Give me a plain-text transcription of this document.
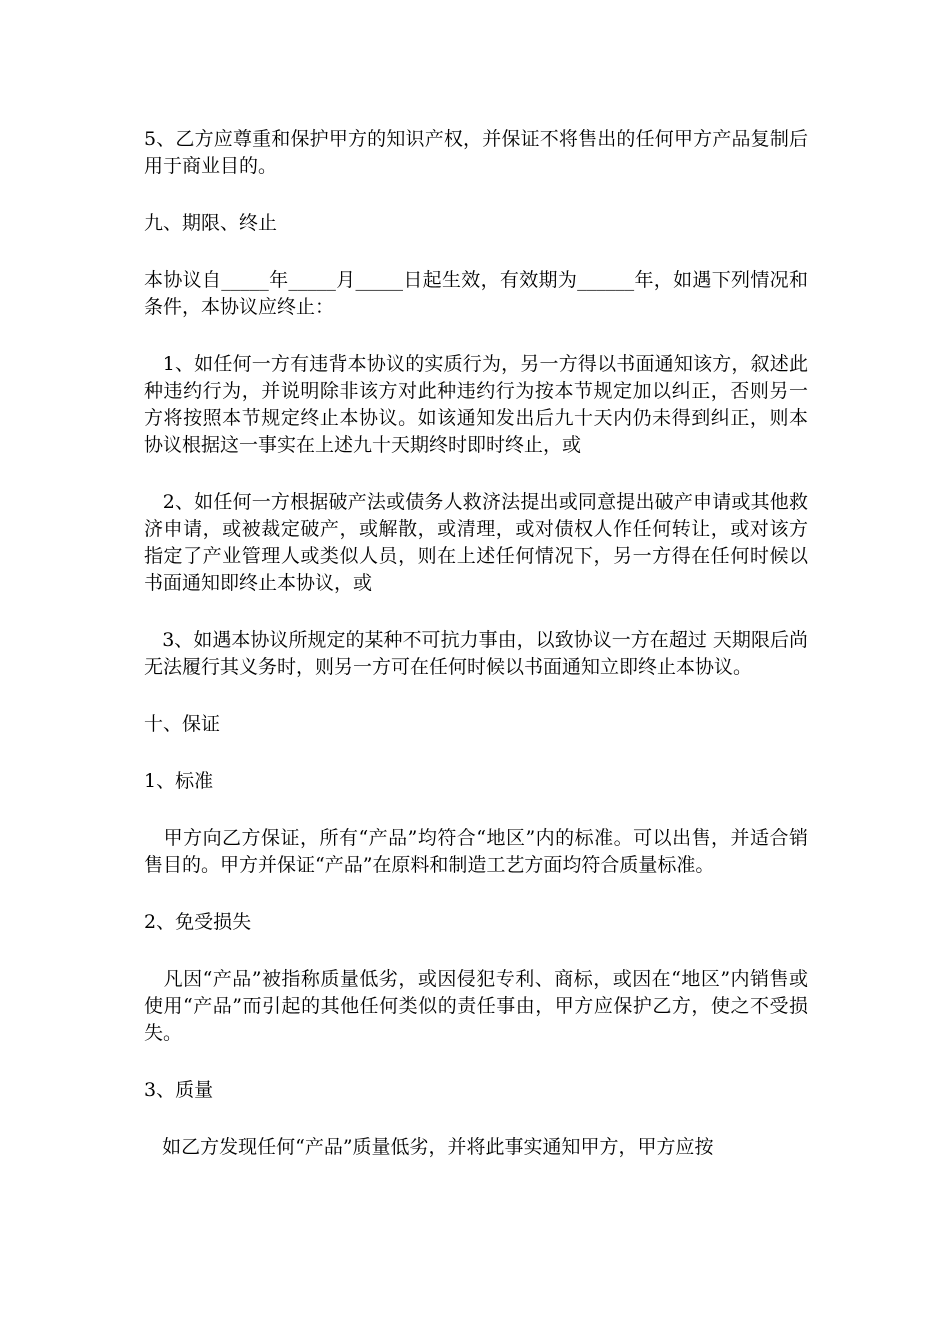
5、乙方应尊重和保护甲方的知识产权，并保证不将售出的任何甲方产品复制后用于商业目的。

九、期限、终止

本协议自_____年_____月_____日起生效，有效期为______年，如遇下列情况和条件，本协议应终止：

1、如任何一方有违背本协议的实质行为，另一方得以书面通知该方，叙述此种违约行为，并说明除非该方对此种违约行为按本节规定加以纠正，否则另一方将按照本节规定终止本协议。如该通知发出后九十天内仍未得到纠正，则本协议根据这一事实在上述九十天期终时即时终止，或

2、如任何一方根据破产法或债务人救济法提出或同意提出破产申请或其他救济申请，或被裁定破产，或解散，或清理，或对债权人作任何转让，或对该方指定了产业管理人或类似人员，则在上述任何情况下，另一方得在任何时候以书面通知即终止本协议，或

3、如遇本协议所规定的某种不可抗力事由，以致协议一方在超过 天期限后尚无法履行其义务时，则另一方可在任何时候以书面通知立即终止本协议。

十、保证

1、标准

甲方向乙方保证，所有“产品”均符合“地区”内的标准。可以出售，并适合销售目的。甲方并保证“产品”在原料和制造工艺方面均符合质量标准。

2、免受损失

凡因“产品”被指称质量低劣，或因侵犯专利、商标，或因在“地区”内销售或使用“产品”而引起的其他任何类似的责任事由，甲方应保护乙方，使之不受损失。

3、质量

如乙方发现任何“产品”质量低劣，并将此事实通知甲方，甲方应按
